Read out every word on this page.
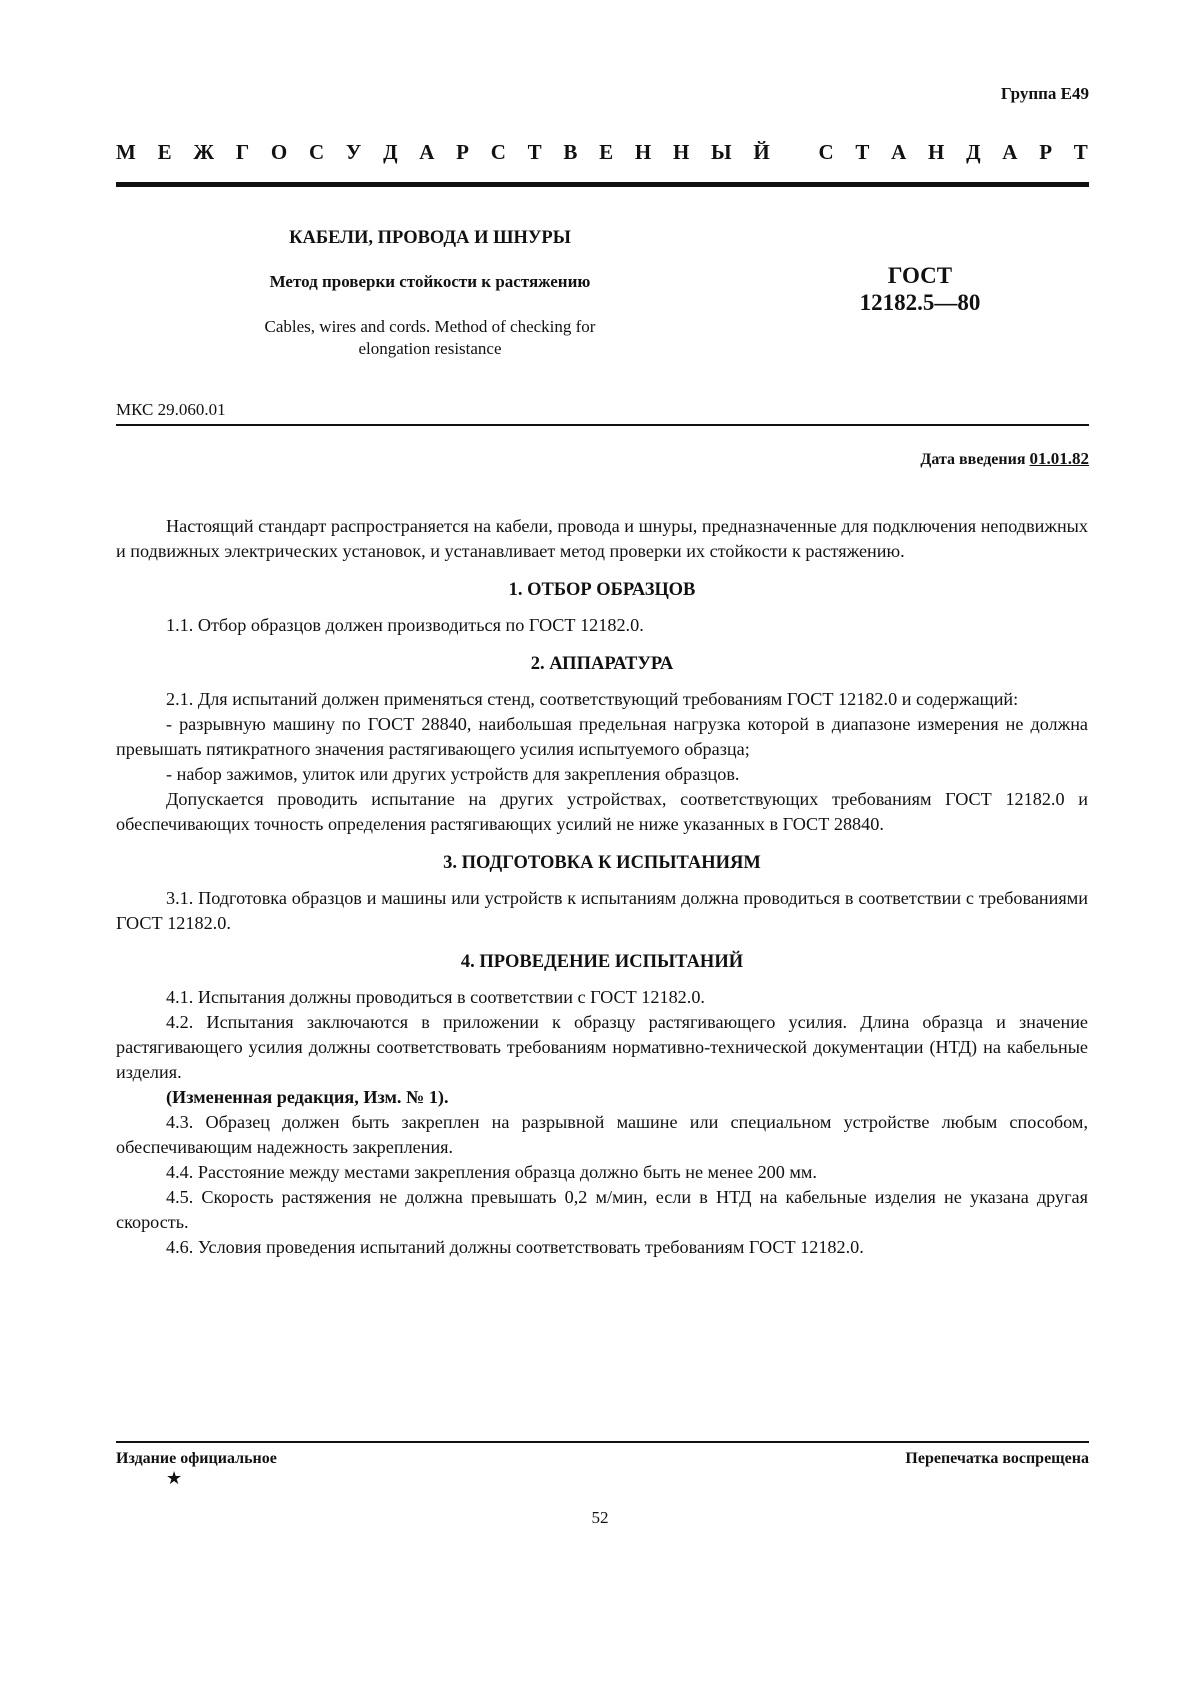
Группа Е49
М Е Ж Г О С У Д А Р С Т В Е Н Н Ы Й
С Т А Н Д А Р Т
КАБЕЛИ, ПРОВОДА И ШНУРЫ
Метод проверки стойкости к растяжению
Cables, wires and cords. Method of checking for
elongation resistance
ГОСТ
12182.5—80
МКС 29.060.01
Дата введения 01.01.82

Настоящий стандарт распространяется на кабели, провода и шнуры, предназначенные для подключения неподвижных и подвижных электрических установок, и устанавливает метод проверки их стойкости к растяжению.

1. ОТБОР ОБРАЗЦОВ

1.1. Отбор образцов должен производиться по ГОСТ 12182.0.

2. АППАРАТУРА

2.1. Для испытаний должен применяться стенд, соответствующий требованиям ГОСТ 12182.0 и содержащий:

- разрывную машину по ГОСТ 28840, наибольшая предельная нагрузка которой в диапазоне измерения не должна превышать пятикратного значения растягивающего усилия испытуемого образца;

- набор зажимов, улиток или других устройств для закрепления образцов.

Допускается проводить испытание на других устройствах, соответствующих требованиям ГОСТ 12182.0 и обеспечивающих точность определения растягивающих усилий не ниже указанных в ГОСТ 28840.

3. ПОДГОТОВКА К ИСПЫТАНИЯМ

3.1. Подготовка образцов и машины или устройств к испытаниям должна проводиться в соответствии с требованиями ГОСТ 12182.0.

4. ПРОВЕДЕНИЕ ИСПЫТАНИЙ

4.1. Испытания должны проводиться в соответствии с ГОСТ 12182.0.

4.2. Испытания заключаются в приложении к образцу растягивающего усилия. Длина образца и значение растягивающего усилия должны соответствовать требованиям нормативно-технической документации (НТД) на кабельные изделия.

(Измененная редакция, Изм. № 1).

4.3. Образец должен быть закреплен на разрывной машине или специальном устройстве любым способом, обеспечивающим надежность закрепления.

4.4. Расстояние между местами закрепления образца должно быть не менее 200 мм.

4.5. Скорость растяжения не должна превышать 0,2 м/мин, если в НТД на кабельные изделия не указана другая скорость.

4.6. Условия проведения испытаний должны соответствовать требованиям ГОСТ 12182.0.

Издание официальное	Перепечатка воспрещена
★
52
